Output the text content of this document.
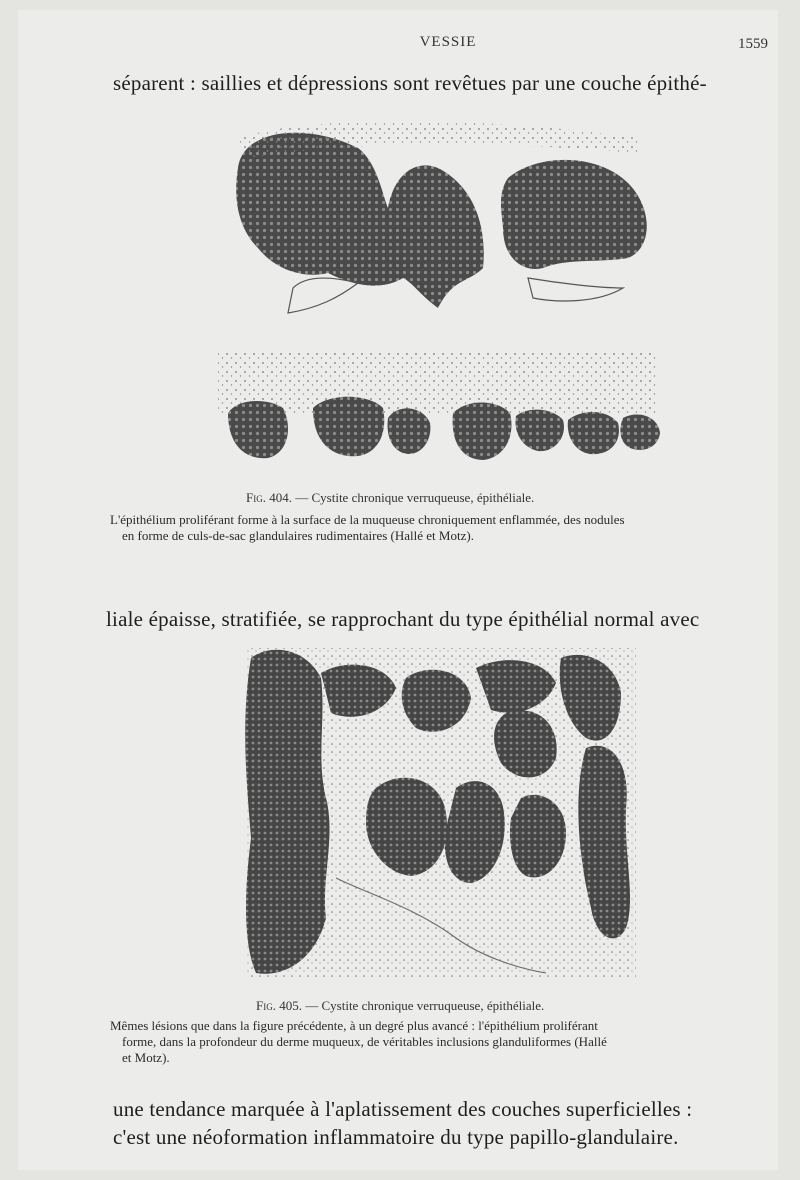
VESSIE	1559
séparent : saillies et dépressions sont revêtues par une couche épithé-
Fig. 404. — Cystite chronique verruqueuse, épithéliale.
L'épithélium proliférant forme à la surface de la muqueuse chroniquement enflammée, des nodules
en forme de culs-de-sac glandulaires rudimentaires (Hallé et Motz).
liale épaisse, stratifiée, se rapprochant du type épithélial normal avec
Fig. 405. — Cystite chronique verruqueuse, épithéliale.
Mêmes lésions que dans la figure précédente, à un degré plus avancé : l'épithélium proliférant
forme, dans la profondeur du derme muqueux, de véritables inclusions glanduliformes (Hallé
et Motz).
une tendance marquée à l'aplatissement des couches superficielles :
c'est une néoformation inflammatoire du type papillo-glandulaire.
